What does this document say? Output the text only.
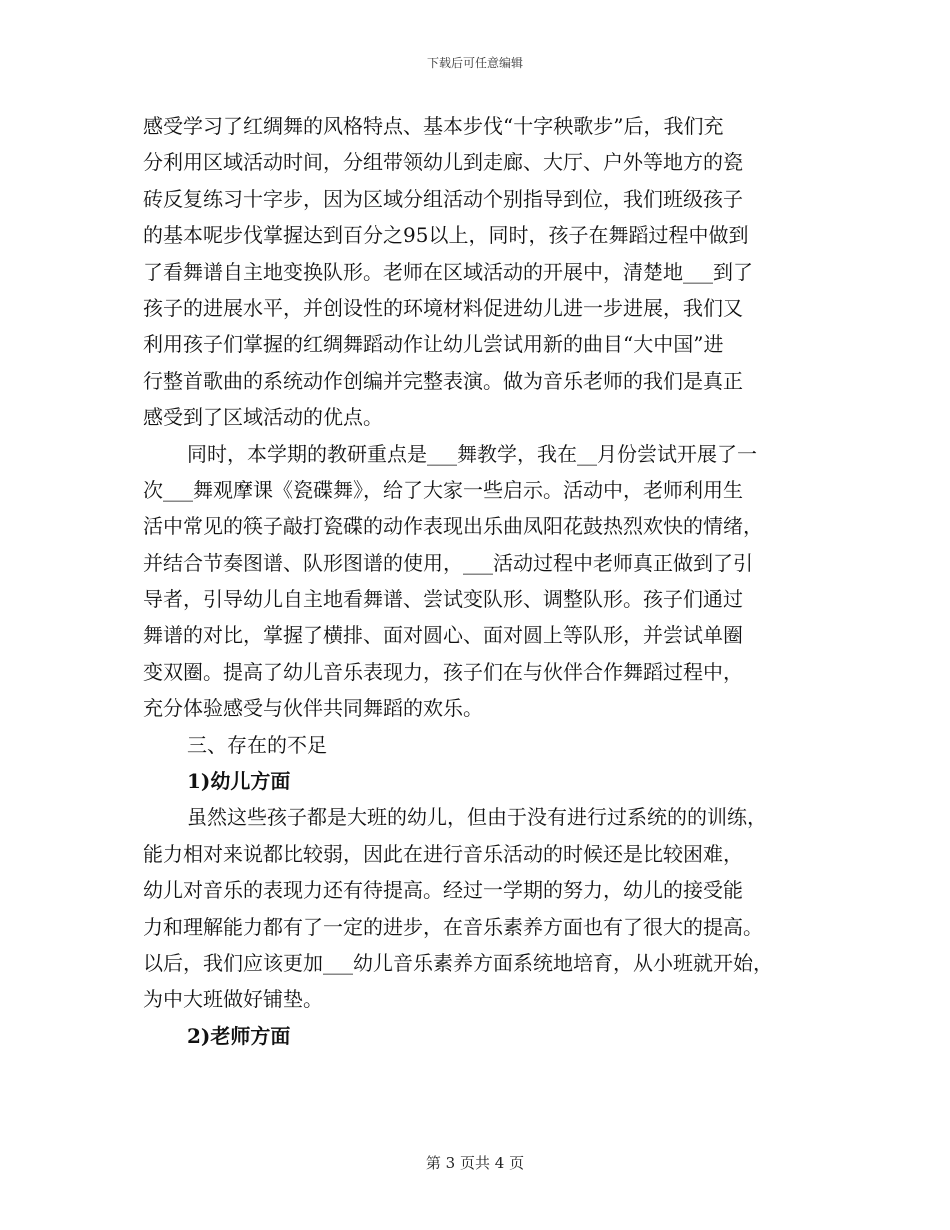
下载后可任意编辑
感受学习了红绸舞的风格特点、基本步伐“十字秧歌步”后，我们充
分利用区域活动时间，分组带领幼儿到走廊、大厅、户外等地方的瓷
砖反复练习十字步，因为区域分组活动个别指导到位，我们班级孩子
的基本呢步伐掌握达到百分之95以上，同时，孩子在舞蹈过程中做到
了看舞谱自主地变换队形。老师在区域活动的开展中，清楚地___到了
孩子的进展水平，并创设性的环境材料促进幼儿进一步进展，我们又
利用孩子们掌握的红绸舞蹈动作让幼儿尝试用新的曲目“大中国”进
行整首歌曲的系统动作创编并完整表演。做为音乐老师的我们是真正
感受到了区域活动的优点。
同时，本学期的教研重点是___舞教学，我在__月份尝试开展了一
次___舞观摩课《瓷碟舞》，给了大家一些启示。活动中，老师利用生
活中常见的筷子敲打瓷碟的动作表现出乐曲凤阳花鼓热烈欢快的情绪，
并结合节奏图谱、队形图谱的使用，___活动过程中老师真正做到了引
导者，引导幼儿自主地看舞谱、尝试变队形、调整队形。孩子们通过
舞谱的对比，掌握了横排、面对圆心、面对圆上等队形，并尝试单圈
变双圈。提高了幼儿音乐表现力，孩子们在与伙伴合作舞蹈过程中，
充分体验感受与伙伴共同舞蹈的欢乐。
三、存在的不足
1)幼儿方面
虽然这些孩子都是大班的幼儿，但由于没有进行过系统的的训练，
能力相对来说都比较弱，因此在进行音乐活动的时候还是比较困难，
幼儿对音乐的表现力还有待提高。经过一学期的努力，幼儿的接受能
力和理解能力都有了一定的进步，在音乐素养方面也有了很大的提高。
以后，我们应该更加___幼儿音乐素养方面系统地培育，从小班就开始，
为中大班做好铺垫。
2)老师方面
第 3 页共 4 页
